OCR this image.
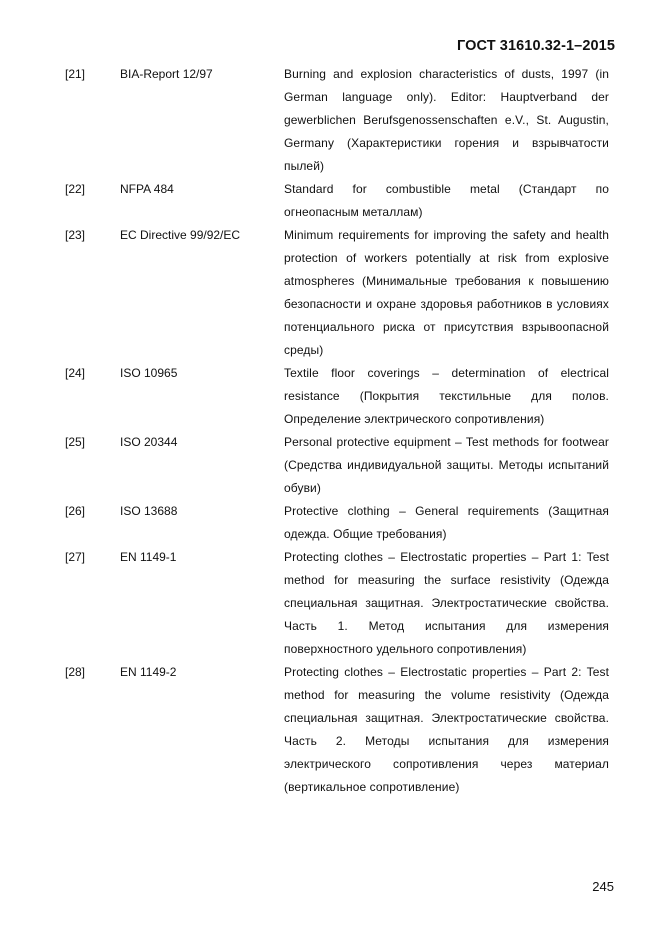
ГОСТ 31610.32-1–2015
[21]	BIA-Report 12/97	Burning and explosion characteristics of dusts, 1997 (in German language only). Editor: Hauptverband der gewerblichen Berufsgenossenschaften e.V., St. Augustin, Germany (Характеристики горения и взрывчатости пылей)
[22]	NFPA 484	Standard for combustible metal (Стандарт по огнеопасным металлам)
[23]	EC Directive 99/92/EC	Minimum requirements for improving the safety and health protection of workers potentially at risk from explosive atmospheres (Минимальные требования к повышению безопасности и охране здоровья работников в условиях потенциального риска от присутствия взрывоопасной среды)
[24]	ISO 10965	Textile floor coverings – determination of electrical resistance (Покрытия текстильные для полов. Определение электрического сопротивления)
[25]	ISO 20344	Personal protective equipment – Test methods for footwear (Средства индивидуальной защиты. Методы испытаний обуви)
[26]	ISO 13688	Protective clothing – General requirements (Защитная одежда. Общие требования)
[27]	EN 1149-1	Protecting clothes – Electrostatic properties – Part 1: Test method for measuring the surface resistivity (Одежда специальная защитная. Электростатические свойства. Часть 1. Метод испытания для измерения поверхностного удельного сопротивления)
[28]	EN 1149-2	Protecting clothes – Electrostatic properties – Part 2: Test method for measuring the volume resistivity (Одежда специальная защитная. Электростатические свойства. Часть 2. Методы испытания для измерения электрического сопротивления через материал (вертикальное сопротивление)
245
